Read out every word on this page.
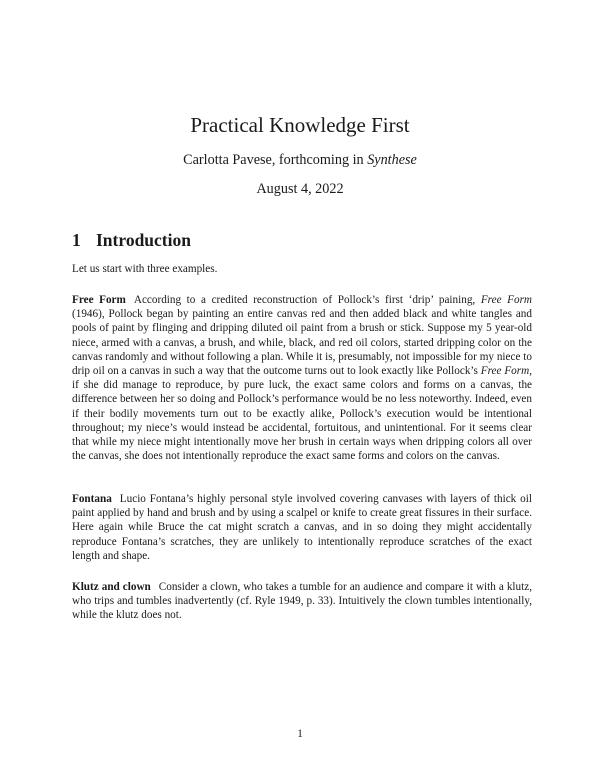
Practical Knowledge First
Carlotta Pavese, forthcoming in Synthese
August 4, 2022
1 Introduction

Let us start with three examples.

Free Form According to a credited reconstruction of Pollock’s first ‘drip’ paining, Free Form (1946), Pollock began by painting an entire canvas red and then added black and white tangles and pools of paint by flinging and dripping diluted oil paint from a brush or stick. Suppose my 5 year-old niece, armed with a canvas, a brush, and while, black, and red oil colors, started dripping color on the canvas randomly and without following a plan. While it is, presumably, not impossible for my niece to drip oil on a canvas in such a way that the outcome turns out to look exactly like Pollock’s Free Form, if she did manage to reproduce, by pure luck, the exact same colors and forms on a canvas, the difference between her so doing and Pollock’s performance would be no less noteworthy. Indeed, even if their bodily movements turn out to be exactly alike, Pollock’s execution would be intentional throughout; my niece’s would instead be accidental, fortuitous, and unintentional. For it seems clear that while my niece might intentionally move her brush in certain ways when dripping colors all over the canvas, she does not intentionally reproduce the exact same forms and colors on the canvas.

Fontana Lucio Fontana’s highly personal style involved covering canvases with layers of thick oil paint applied by hand and brush and by using a scalpel or knife to create great fissures in their surface. Here again while Bruce the cat might scratch a canvas, and in so doing they might accidentally reproduce Fontana’s scratches, they are unlikely to intentionally reproduce scratches of the exact length and shape.

Klutz and clown Consider a clown, who takes a tumble for an audience and compare it with a klutz, who trips and tumbles inadvertently (cf. Ryle 1949, p. 33). Intuitively the clown tumbles intentionally, while the klutz does not.

1
